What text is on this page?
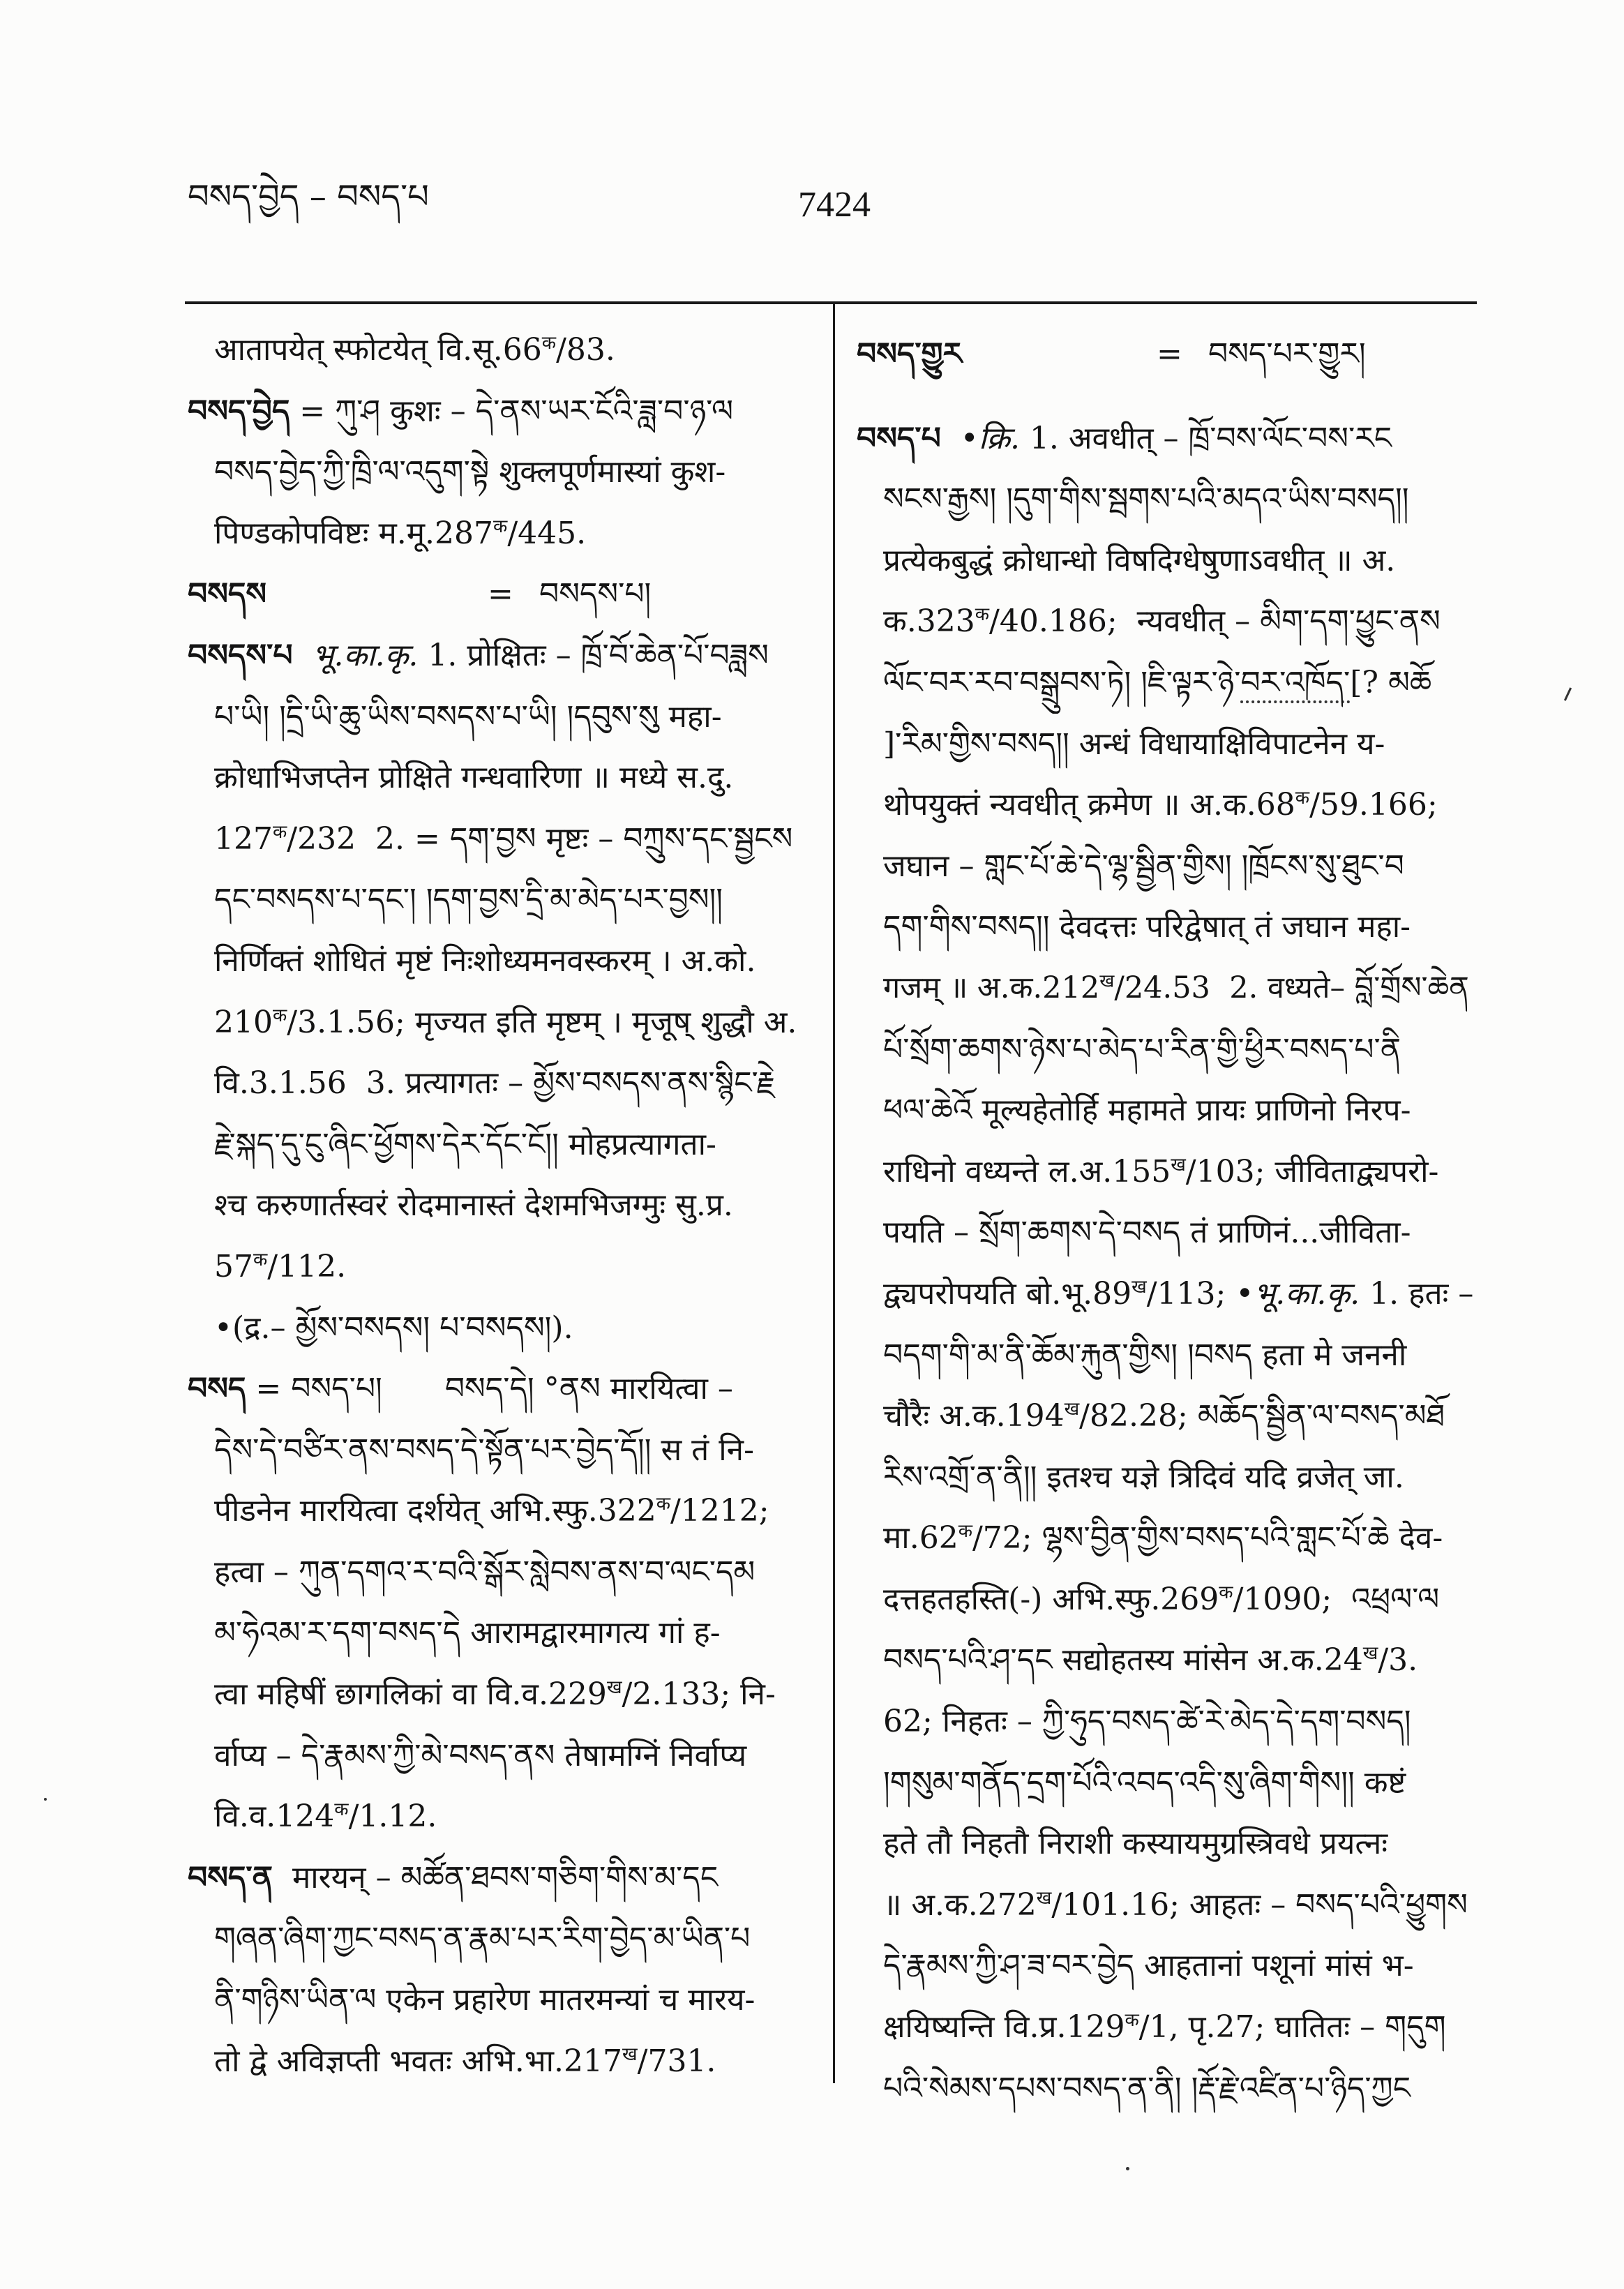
བསད་བྱེད – བསད་པ	7424
आतापयेत् स्फोटयेत् $वि.सू.66^क/83$.
བསད་བྱེད = ཀུ་ཤ कुशः – དེ་ནས་ཡར་ངོའི་ཟླ་བ་ཉ་ལ
བསད་བྱེད་ཀྱི་ཁྲི་ལ་འདུག་སྟེ शुक्लपूर्णमास्यां कुश-
पिण्डकोपविष्टः $म.मू.287^क/445$.
བསདས	= བསདས་པ།
བསདས་པ भू.का.कृ. 1. प्रोक्षितः – ཁྲོ་བོ་ཆེན་པོ་བཟླས
པ་ཡི། །དྲི་ཡི་ཆུ་ཡིས་བསདས་པ་ཡི། །དབུས་སུ महा-
क्रोधाभिजप्तेन प्रोक्षिते गन्धवारिणा ॥ मध्ये स.दु.
$127^क/232$  2. = དག་བྱས मृष्टः – བཀྲུས་དང་སྦྱངས
དང་བསདས་པ་དང་། །དག་བྱས་དྲི་མ་མེད་པར་བྱས།།
निर्णिक्तं शोधितं मृष्टं निःशोध्यमनवस्करम् । अ.को.
$210^क/3.1.56$; मृज्यत इति मृष्टम् । मृजूष् शुद्धौ अ.
वि.3.1.56  3. प्रत्यागतः – མྱོས་བསདས་ནས་སྙིང་རྗེ
རྗེ་སྐད་དུ་ངུ་ཞིང་ཕྱོགས་དེར་དོང་ངོ།། मोहप्रत्यागता-
श्च करुणार्तस्वरं रोदमानास्तं देशमभिजग्मुः सु.प्र.
$57^क/112$.
•(द्र.– མྱོས་བསདས། པ་བསདས།).
བསད = བསད་པ། བསད་དེ། °ནས मारयित्वा –
དེས་དེ་བཙིར་ནས་བསད་དེ་སྟོན་པར་བྱེད་དོ།། स तं नि-
पीडनेन मारयित्वा दर्शयेत् $अभि.स्फु.322^क/1212$;
हत्वा – ཀུན་དགའ་ར་བའི་སྒོར་སླེབས་ནས་བ་ལང་དམ
མ་ཧེའམ་ར་དག་བསད་དེ आरामद्वारमागत्य गां ह-
त्वा महिषीं छागलिकां वा $वि.व.229^ख/2.133$; नि-
र्वाप्य – དེ་རྣམས་ཀྱི་མེ་བསད་ནས तेषामग्निं निर्वाप्य
$वि.व.124^क/1.12$.
བསད་ན  मारयन् – མཚོན་ཐབས་གཅིག་གིས་མ་དང
གཞན་ཞིག་ཀྱང་བསད་ན་རྣམ་པར་རིག་བྱེད་མ་ཡིན་པ
ནི་གཉིས་ཡིན་ལ एकेन प्रहारेण मातरमन्यां च मारय-
तो द्वे अविज्ञप्ती भवतः $अभि.भा.217^ख/731$.
བསད་གྱུར	= བསད་པར་གྱུར།
བསད་པ  •क्रि. 1. अवधीत् – ཁྲོ་བས་ལོང་བས་རང
སངས་རྒྱས། །དུག་གིས་སྦགས་པའི་མདའ་ཡིས་བསད།།
प्रत्येकबुद्धं क्रोधान्धो विषदिग्धेषुणाऽवधीत् ॥ अ.
$क.323^क/40.186$;  न्यवधीत् – མིག་དག་ཕྱུང་ནས
ལོང་བར་རབ་བསྒྲུབས་ཏེ། །ཇི་ལྟར་ཉེ་བར་འཁོད་[? མཆོ
]་རིམ་གྱིས་བསད།། अन्धं विधायाक्षिविपाटनेन य-
थोपयुक्तं न्यवधीत् क्रमेण ॥ $अ.क.68^क/59.166$;
जघान – གླང་པོ་ཆེ་དེ་ལྷ་སྦྱིན་གྱིས། །ཁྲོངས་སུ་ཐུང་བ
དག་གིས་བསད།། देवदत्तः परिद्वेषात् तं जघान महा-
गजम् ॥ $अ.क.212^ख/24.53$  2. वध्यते– བློ་གྲོས་ཆེན
པོ་སྲོག་ཆགས་ཉེས་པ་མེད་པ་རིན་གྱི་ཕྱིར་བསད་པ་ནི
ཕལ་ཆེའོ मूल्यहेतोर्हि महामते प्रायः प्राणिनो निरप-
राधिनो वध्यन्ते $ल.अ.155^ख/103$; जीविताद्व्यपरो-
पयति – སྲོག་ཆགས་དེ་བསད तं प्राणिनं...जीविता-
द्व्यपरोपयति $बो.भू.89^ख/113$; •भू.का.कृ. 1. हतः –
བདག་གི་མ་ནི་ཆོམ་རྐུན་གྱིས། །བསད हता मे जननी
चौरैः $अ.क.194^ख/82.28$; མཆོད་སྦྱིན་ལ་བསད་མཐོ
རིས་འགྲོ་ན་ནི།། इतश्च यज्ञे त्रिदिवं यदि व्रजेत् जा.
$मा.62^क/72$; ལྷས་བྱིན་གྱིས་བསད་པའི་གླང་པོ་ཆེ देव-
दत्तहतहस्ति(-) $अभि.स्फु.269^क/1090$;  འཕྲལ་ལ
བསད་པའི་ཤ་དང सद्योहतस्य मांसेन $अ.क.24^ख/3$.
62; निहतः – ཀྱི་ཧུད་བསད་ཚེ་རེ་མེད་དེ་དག་བསད།
།གསུམ་གནོད་དྲག་པོའི་འབད་འདི་སུ་ཞིག་གིས།། कष्टं
हते तौ निहतौ निराशी कस्यायमुग्रस्त्रिवधे प्रयत्नः
॥ $अ.क.272^ख/101.16$; आहतः – བསད་པའི་ཕྱུགས
དེ་རྣམས་ཀྱི་ཤ་ཟ་བར་བྱེད आहतानां पशूनां मांसं भ-
क्षयिष्यन्ति $वि.प्र.129^क/1$, पृ.27; घातितः – གདུག
པའི་སེམས་དཔས་བསད་ན་ནི། །རྡོ་རྗེ་འཛིན་པ་ཉིད་ཀྱང
